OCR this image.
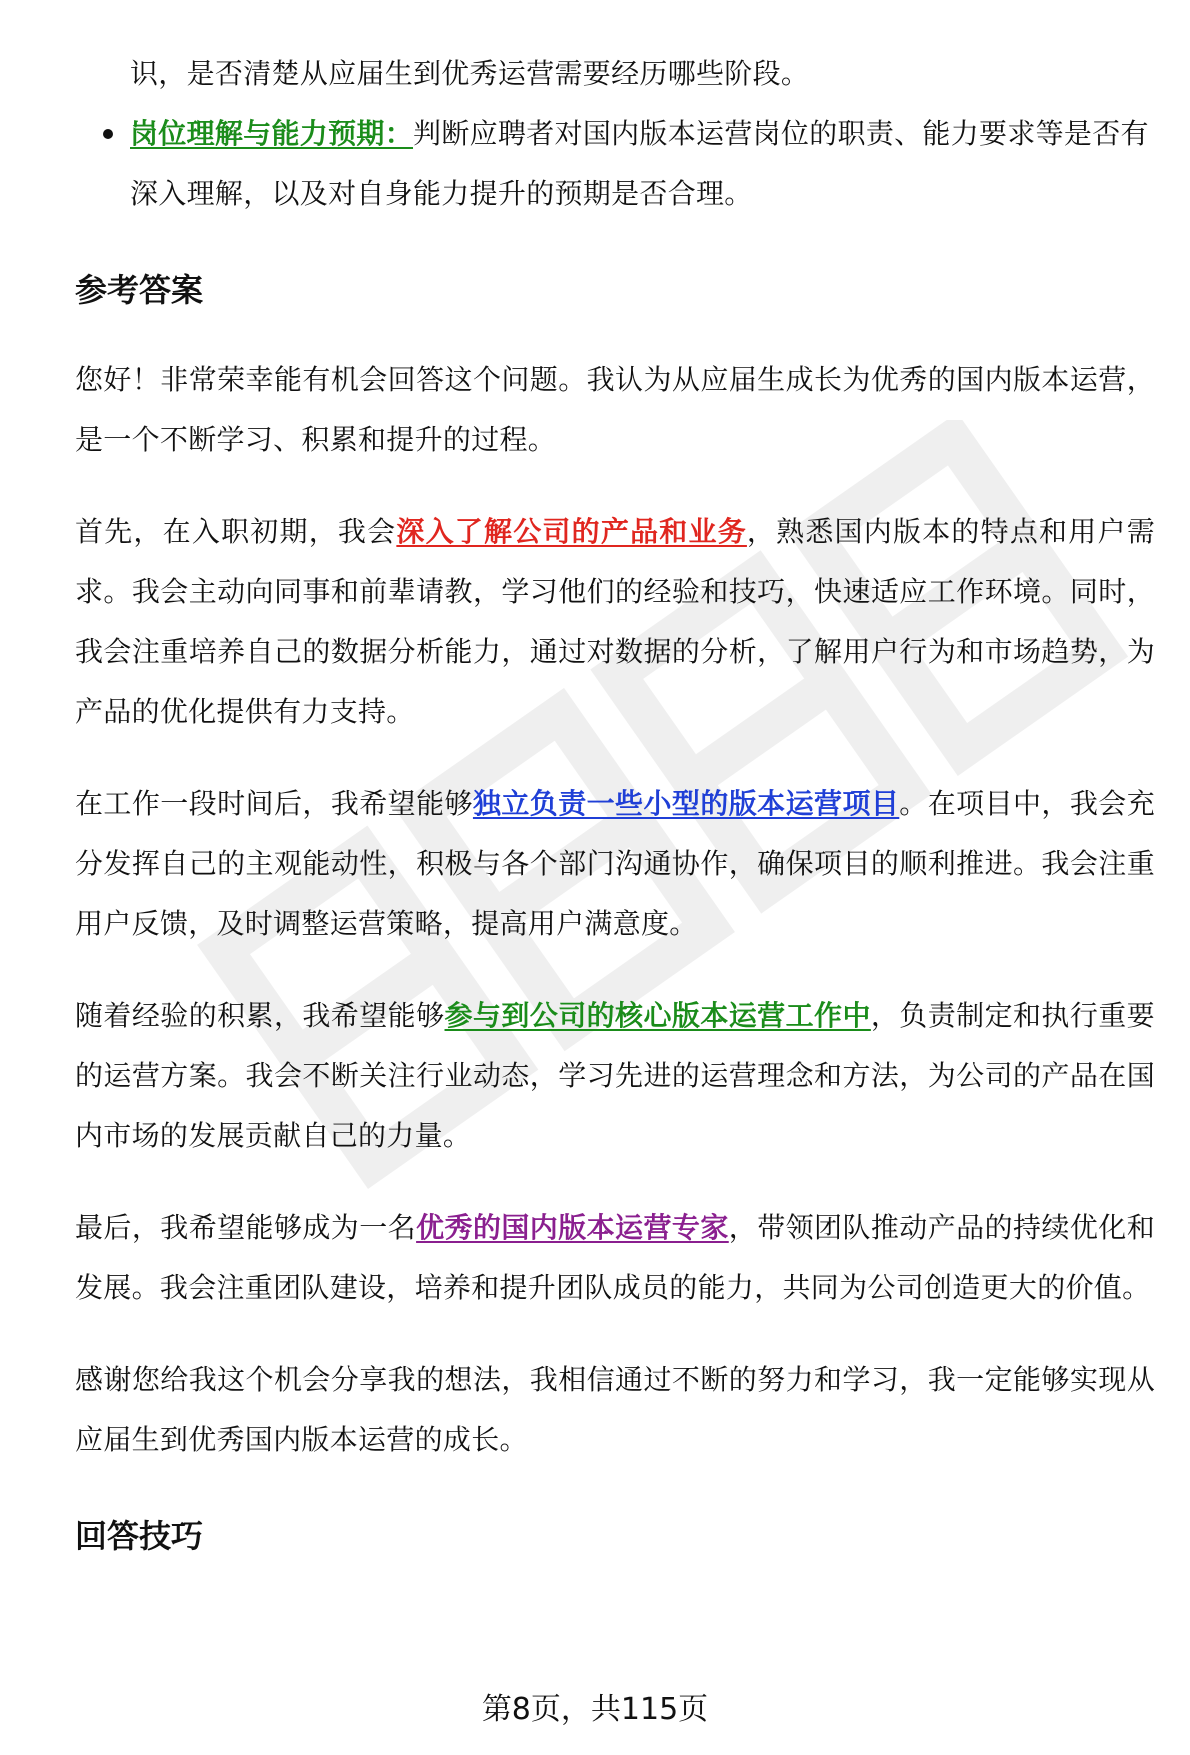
识，是否清楚从应届生到优秀运营需要经历哪些阶段。
岗位理解与能力预期：判断应聘者对国内版本运营岗位的职责、能力要求等是否有深入理解，以及对自身能力提升的预期是否合理。
参考答案

您好！非常荣幸能有机会回答这个问题。我认为从应届生成长为优秀的国内版本运营，是一个不断学习、积累和提升的过程。

首先，在入职初期，我会深入了解公司的产品和业务，熟悉国内版本的特点和用户需求。我会主动向同事和前辈请教，学习他们的经验和技巧，快速适应工作环境。同时，我会注重培养自己的数据分析能力，通过对数据的分析，了解用户行为和市场趋势，为产品的优化提供有力支持。

在工作一段时间后，我希望能够独立负责一些小型的版本运营项目。在项目中，我会充分发挥自己的主观能动性，积极与各个部门沟通协作，确保项目的顺利推进。我会注重用户反馈，及时调整运营策略，提高用户满意度。

随着经验的积累，我希望能够参与到公司的核心版本运营工作中，负责制定和执行重要的运营方案。我会不断关注行业动态，学习先进的运营理念和方法，为公司的产品在国内市场的发展贡献自己的力量。

最后，我希望能够成为一名优秀的国内版本运营专家，带领团队推动产品的持续优化和发展。我会注重团队建设，培养和提升团队成员的能力，共同为公司创造更大的价值。

感谢您给我这个机会分享我的想法，我相信通过不断的努力和学习，我一定能够实现从应届生到优秀国内版本运营的成长。

回答技巧
第8页，共115页
